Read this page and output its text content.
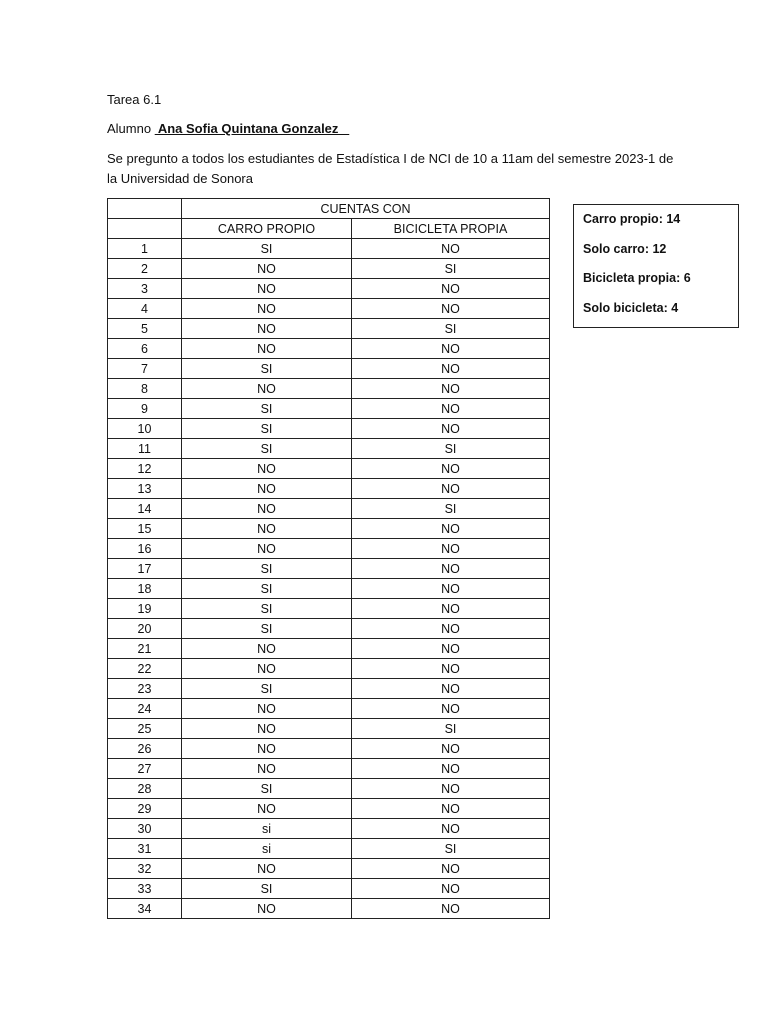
Tarea 6.1
Alumno  Ana Sofia Quintana Gonzalez
Se pregunto a todos los estudiantes de Estadística I de NCI de 10 a 11am del semestre 2023-1 de la Universidad de Sonora
	CUENTAS CON	
	CARRO PROPIO	BICICLETA PROPIA
1	SI	NO
2	NO	SI
3	NO	NO
4	NO	NO
5	NO	SI
6	NO	NO
7	SI	NO
8	NO	NO
9	SI	NO
10	SI	NO
11	SI	SI
12	NO	NO
13	NO	NO
14	NO	SI
15	NO	NO
16	NO	NO
17	SI	NO
18	SI	NO
19	SI	NO
20	SI	NO
21	NO	NO
22	NO	NO
23	SI	NO
24	NO	NO
25	NO	SI
26	NO	NO
27	NO	NO
28	SI	NO
29	NO	NO
30	si	NO
31	si	SI
32	NO	NO
33	SI	NO
34	NO	NO
Carro propio: 14
Solo carro: 12
Bicicleta propia: 6
Solo bicicleta: 4
